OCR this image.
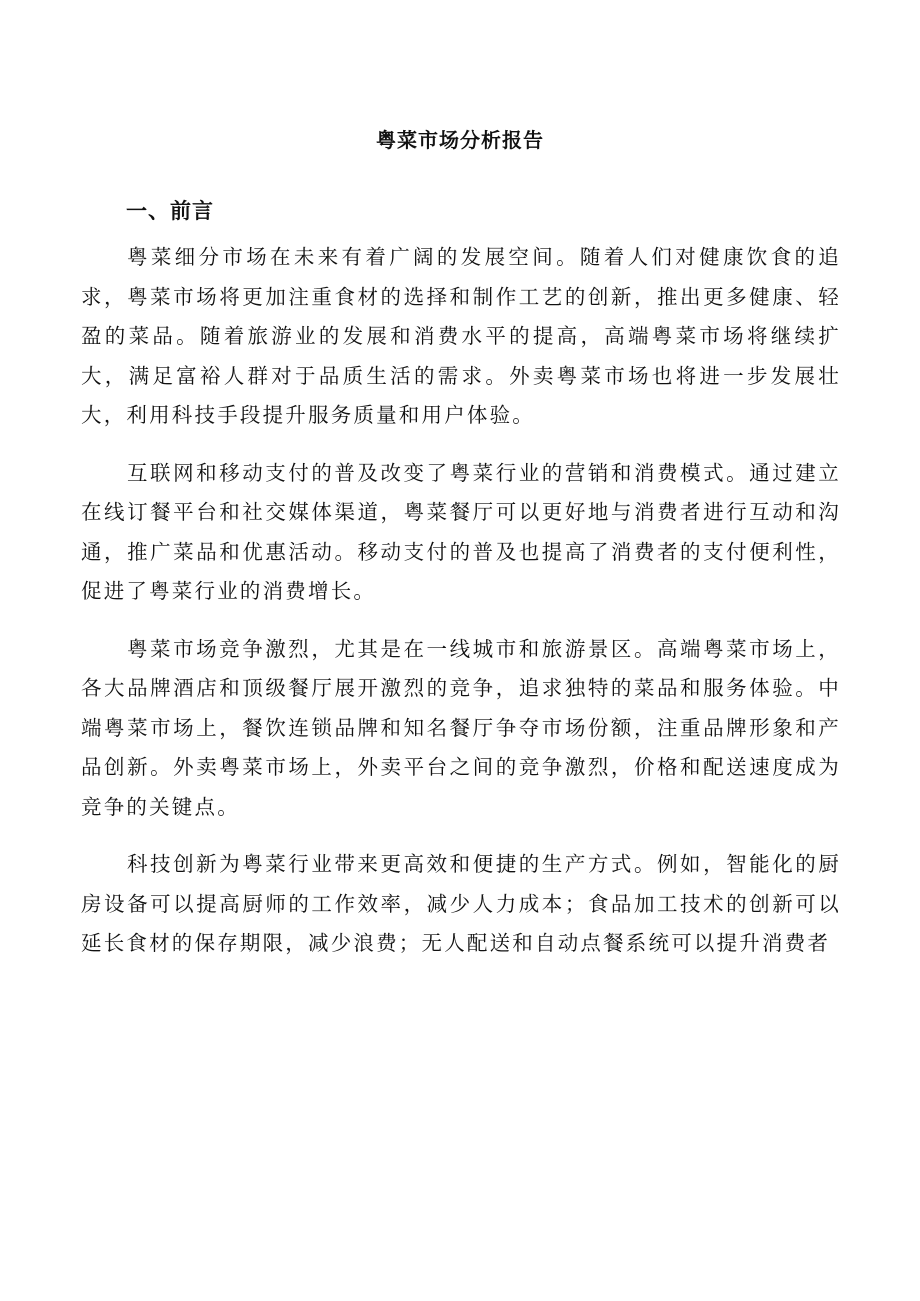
粤菜市场分析报告
一、前言

粤菜细分市场在未来有着广阔的发展空间。随着人们对健康饮食的追求，粤菜市场将更加注重食材的选择和制作工艺的创新，推出更多健康、轻盈的菜品。随着旅游业的发展和消费水平的提高，高端粤菜市场将继续扩大，满足富裕人群对于品质生活的需求。外卖粤菜市场也将进一步发展壮大，利用科技手段提升服务质量和用户体验。

互联网和移动支付的普及改变了粤菜行业的营销和消费模式。通过建立在线订餐平台和社交媒体渠道，粤菜餐厅可以更好地与消费者进行互动和沟通，推广菜品和优惠活动。移动支付的普及也提高了消费者的支付便利性，促进了粤菜行业的消费增长。

粤菜市场竞争激烈，尤其是在一线城市和旅游景区。高端粤菜市场上，各大品牌酒店和顶级餐厅展开激烈的竞争，追求独特的菜品和服务体验。中端粤菜市场上，餐饮连锁品牌和知名餐厅争夺市场份额，注重品牌形象和产品创新。外卖粤菜市场上，外卖平台之间的竞争激烈，价格和配送速度成为竞争的关键点。

科技创新为粤菜行业带来更高效和便捷的生产方式。例如，智能化的厨房设备可以提高厨师的工作效率，减少人力成本；食品加工技术的创新可以延长食材的保存期限，减少浪费；无人配送和自动点餐系统可以提升消费者
